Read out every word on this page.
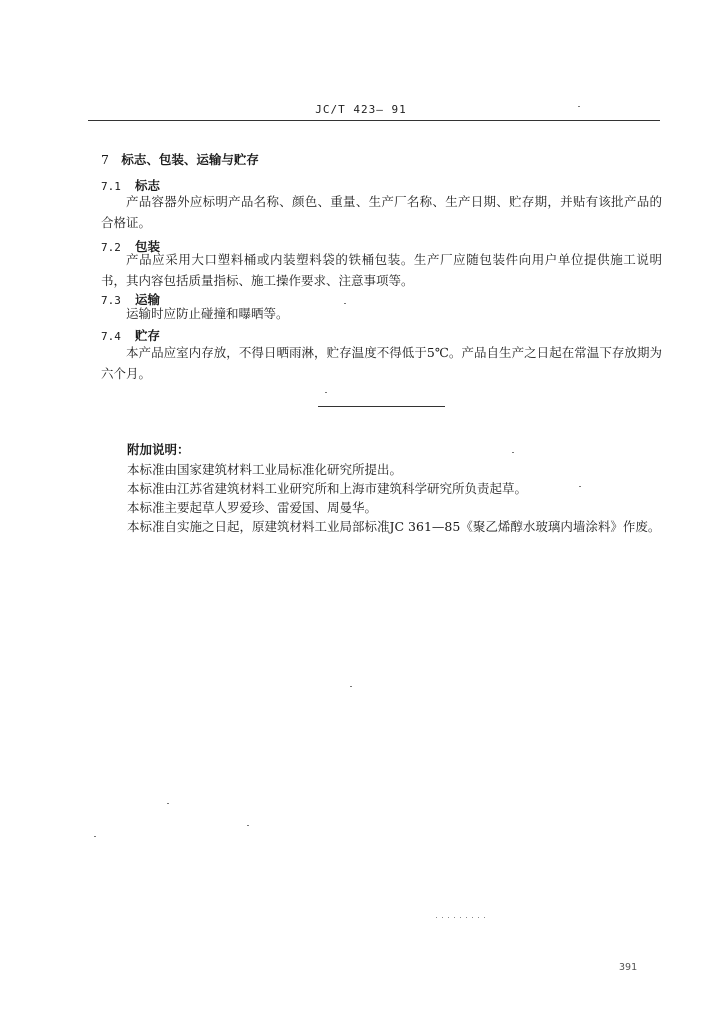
JC/T 423— 91
7 标志、包装、运输与贮存
7.1 标志
产品容器外应标明产品名称、颜色、重量、生产厂名称、生产日期、贮存期，并贴有该批产品的合格证。
7.2 包装
产品应采用大口塑料桶或内装塑料袋的铁桶包装。生产厂应随包装件向用户单位提供施工说明书，其内容包括质量指标、施工操作要求、注意事项等。
7.3 运输
运输时应防止碰撞和曝晒等。
7.4 贮存
本产品应室内存放，不得日晒雨淋，贮存温度不得低于5℃。产品自生产之日起在常温下存放期为六个月。
附加说明：
本标准由国家建筑材料工业局标准化研究所提出。
本标准由江苏省建筑材料工业研究所和上海市建筑科学研究所负责起草。
本标准主要起草人罗爱珍、雷爱国、周曼华。
本标准自实施之日起，原建筑材料工业局部标准JC 361—85《聚乙烯醇水玻璃内墙涂料》作废。
391
